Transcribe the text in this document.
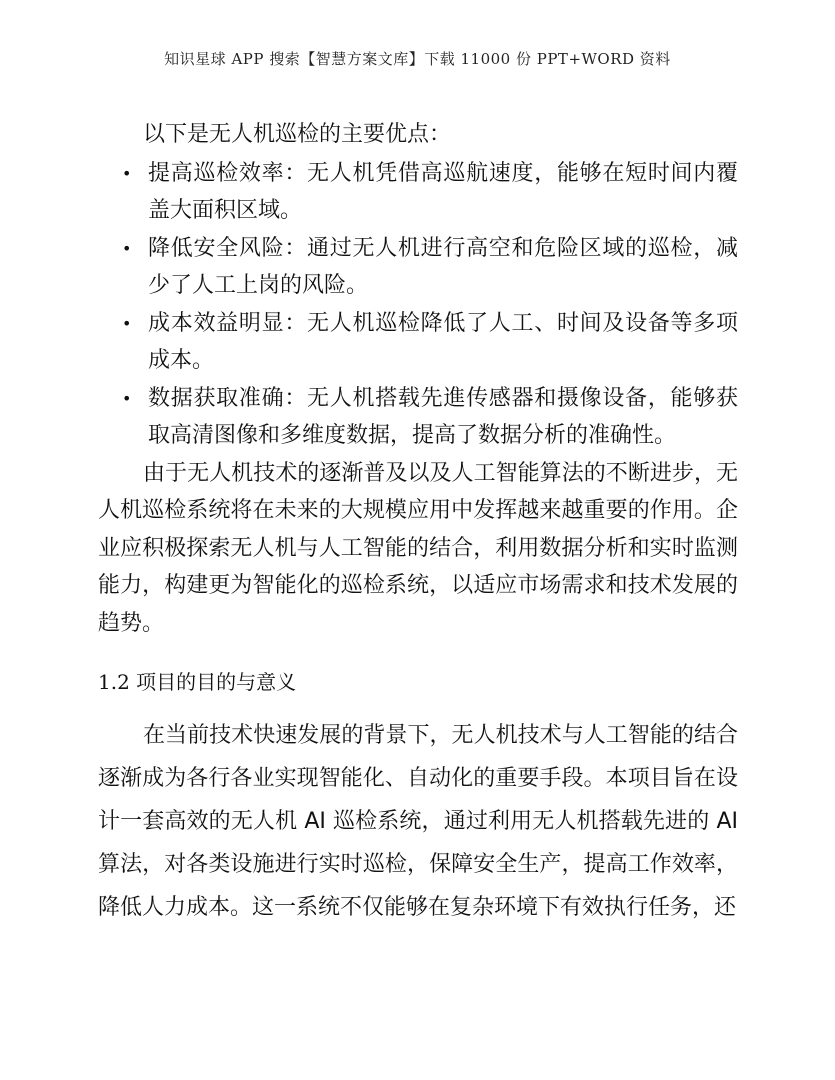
知识星球 APP 搜索【智慧方案文库】下载 11000 份 PPT+WORD 资料

以下是无人机巡检的主要优点：

• 提高巡检效率：无人机凭借高巡航速度，能够在短时间内覆盖大面积区域。
• 降低安全风险：通过无人机进行高空和危险区域的巡检，减少了人工上岗的风险。
• 成本效益明显：无人机巡检降低了人工、时间及设备等多项成本。
• 数据获取准确：无人机搭载先進传感器和摄像设备，能够获取高清图像和多维度数据，提高了数据分析的准确性。

由于无人机技术的逐渐普及以及人工智能算法的不断进步，无人机巡检系统将在未来的大规模应用中发挥越来越重要的作用。企业应积极探索无人机与人工智能的结合，利用数据分析和实时监测能力，构建更为智能化的巡检系统，以适应市场需求和技术发展的趋势。

1.2 项目的目的与意义

在当前技术快速发展的背景下，无人机技术与人工智能的结合逐渐成为各行各业实现智能化、自动化的重要手段。本项目旨在设计一套高效的无人机 AI 巡检系统，通过利用无人机搭载先进的 AI 算法，对各类设施进行实时巡检，保障安全生产，提高工作效率，降低人力成本。这一系统不仅能够在复杂环境下有效执行任务，还
